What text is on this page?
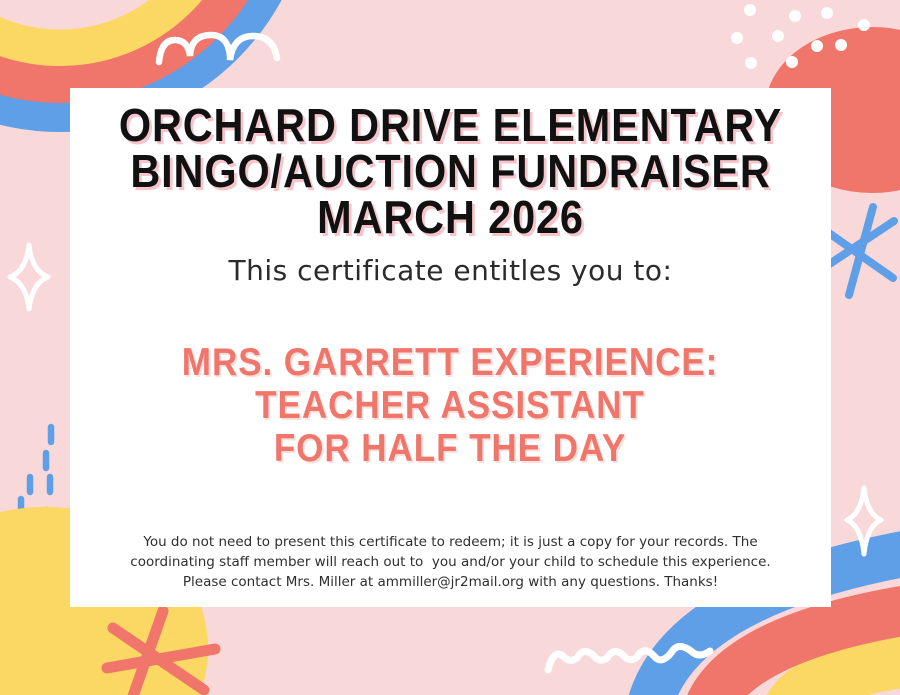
ORCHARD DRIVE ELEMENTARY
BINGO/AUCTION FUNDRAISER
MARCH 2026
This certificate entitles you to:
MRS. GARRETT EXPERIENCE:
TEACHER ASSISTANT
FOR HALF THE DAY
You do not need to present this certificate to redeem; it is just a copy for your records. The
coordinating staff member will reach out to  you and/or your child to schedule this experience.
Please contact Mrs. Miller at ammiller@jr2mail.org with any questions. Thanks!
